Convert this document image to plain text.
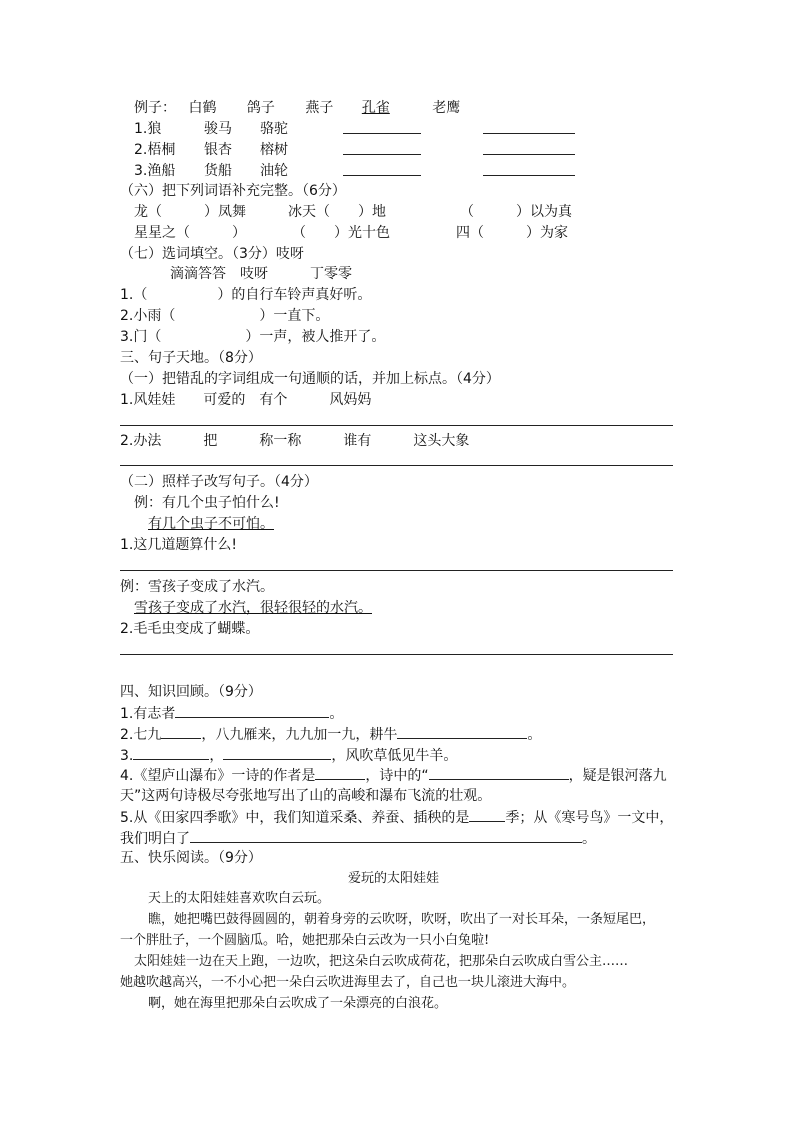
例子： 白鹤 鸽子 燕子 孔雀	老鹰
1.狼	骏马 骆驼
2.梧桐 银杏 榕树
3.渔船 货船 油轮
（六）把下列词语补充完整。（6分）
龙（　　　）凤舞	冰天（　　）地	（　　　）以为真
星星之（　　　）	（　　）光十色	四（　　　）为家
（七）选词填空。（3分）吱呀
滴滴答答　吱呀　　　丁零零
1.（　　　　　）的自行车铃声真好听。
2.小雨（　　　　　　）一直下。
3.门（　　　　　　）一声，被人推开了。
三、句子天地。（8分）
（一）把错乱的字词组成一句通顺的话，并加上标点。（4分）
1.风娃娃　　可爱的　有个　　　风妈妈
2.办法　　　把　　　称一称　　　谁有　　　这头大象
（二）照样子改写句子。（4分）
例：有几个虫子怕什么!
有几个虫子不可怕。
1.这几道题算什么!
例：雪孩子变成了水汽。
雪孩子变成了水汽，很轻很轻的水汽。
2.毛毛虫变成了蝴蝶。
四、知识回顾。（9分）
1.有志者	。
2.七九	，八九雁来，九九加一九，耕牛	。
3.	，	，风吹草低见牛羊。
4.《望庐山瀑布》一诗的作者是	，诗中的“	，疑是银河落九
天”这两句诗极尽夸张地写出了山的高峻和瀑布飞流的壮观。
5.从《田家四季歌》中，我们知道采桑、养蚕、插秧的是	季；从《寒号鸟》一文中，
我们明白了	。
五、快乐阅读。（9分）
爱玩的太阳娃娃
天上的太阳娃娃喜欢吹白云玩。
瞧，她把嘴巴鼓得圆圆的，朝着身旁的云吹呀，吹呀，吹出了一对长耳朵，一条短尾巴，
一个胖肚子，一个圆脑瓜。哈，她把那朵白云改为一只小白兔啦!
太阳娃娃一边在天上跑，一边吹，把这朵白云吹成荷花，把那朵白云吹成白雪公主……
她越吹越高兴，一不小心把一朵白云吹进海里去了，自己也一块儿滚进大海中。
啊，她在海里把那朵白云吹成了一朵漂亮的白浪花。
